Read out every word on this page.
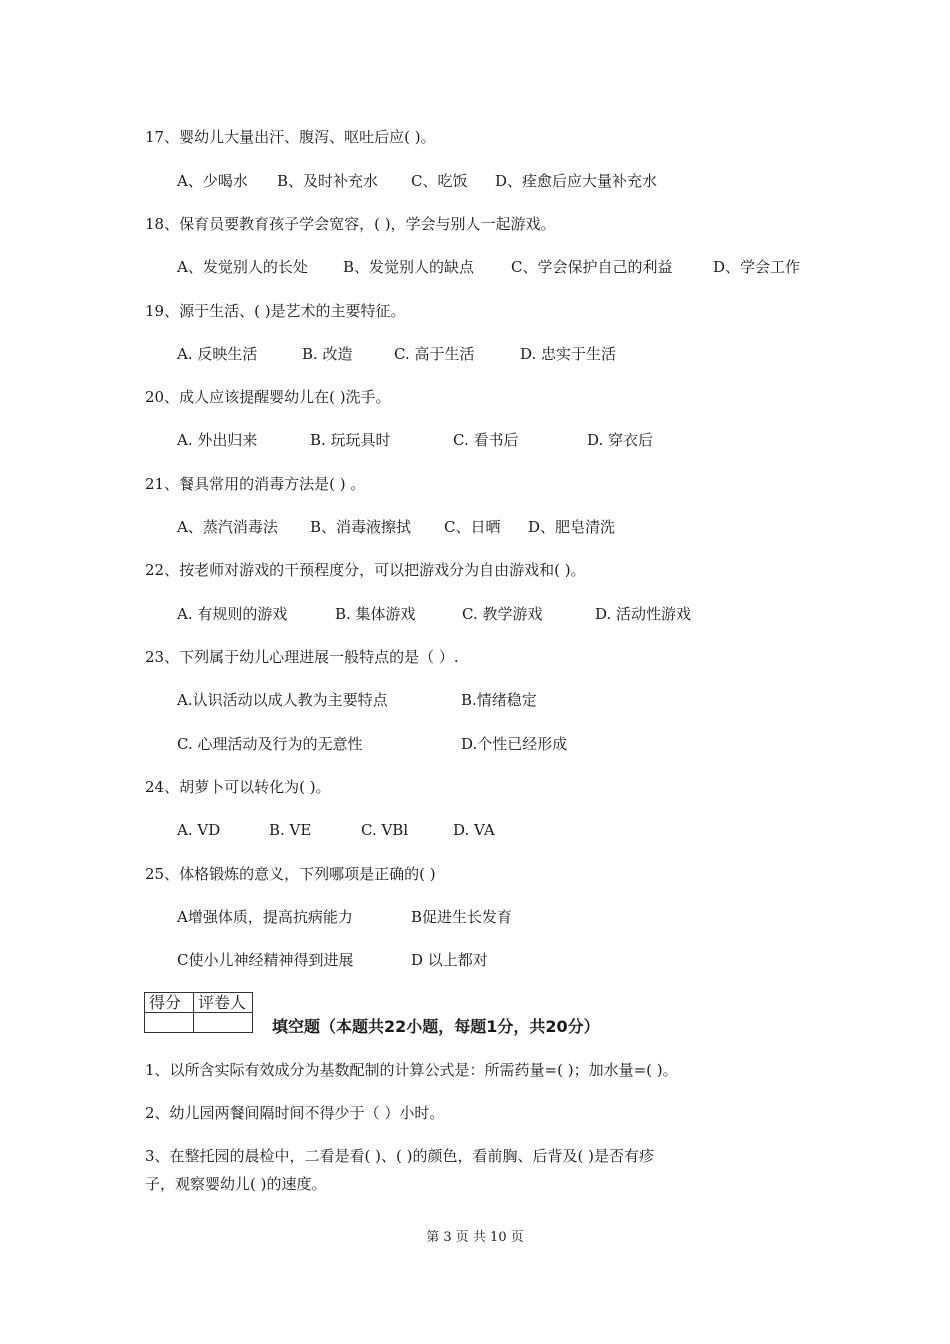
17、婴幼儿大量出汗、腹泻、呕吐后应( )。
A、少喝水 B、及时补充水 C、吃饭 D、痊愈后应大量补充水
18、保育员要教育孩子学会宽容，( )，学会与别人一起游戏。
A、发觉别人的长处 B、发觉别人的缺点 C、学会保护自己的利益	D、学会工作
19、源于生活、( )是艺术的主要特征。
A. 反映生活	B. 改造	C. 高于生活	D. 忠实于生活
20、成人应该提醒婴幼儿在( )洗手。
A. 外出归来	B. 玩玩具时	C. 看书后	D. 穿衣后
21、餐具常用的消毒方法是( ) 。
A、蒸汽消毒法 B、消毒液擦拭 C、日晒 D、肥皂清洗
22、按老师对游戏的干预程度分，可以把游戏分为自由游戏和( )。
A. 有规则的游戏	B. 集体游戏	C. 教学游戏	D. 活动性游戏
23、下列属于幼儿心理进展一般特点的是（ ）.
A.认识活动以成人教为主要特点	B.情绪稳定
C. 心理活动及行为的无意性	D.个性已经形成
24、胡萝卜可以转化为( )。
A. VD	B. VE	C. VBl	D. VA
25、体格锻炼的意义，下列哪项是正确的( )
A增强体质，提高抗病能力	B促进生长发育
C使小儿神经精神得到进展	D 以上都对
得分	评卷人

填空题（本题共22小题，每题1分，共20分）
1、以所含实际有效成分为基数配制的计算公式是：所需药量=( )；加水量=( )。
2、幼儿园两餐间隔时间不得少于（ ）小时。
3、在整托园的晨检中，二看是看( )、( )的颜色，看前胸、后背及( )是否有疹
子，观察婴幼儿( )的速度。
第 3 页 共 10 页
